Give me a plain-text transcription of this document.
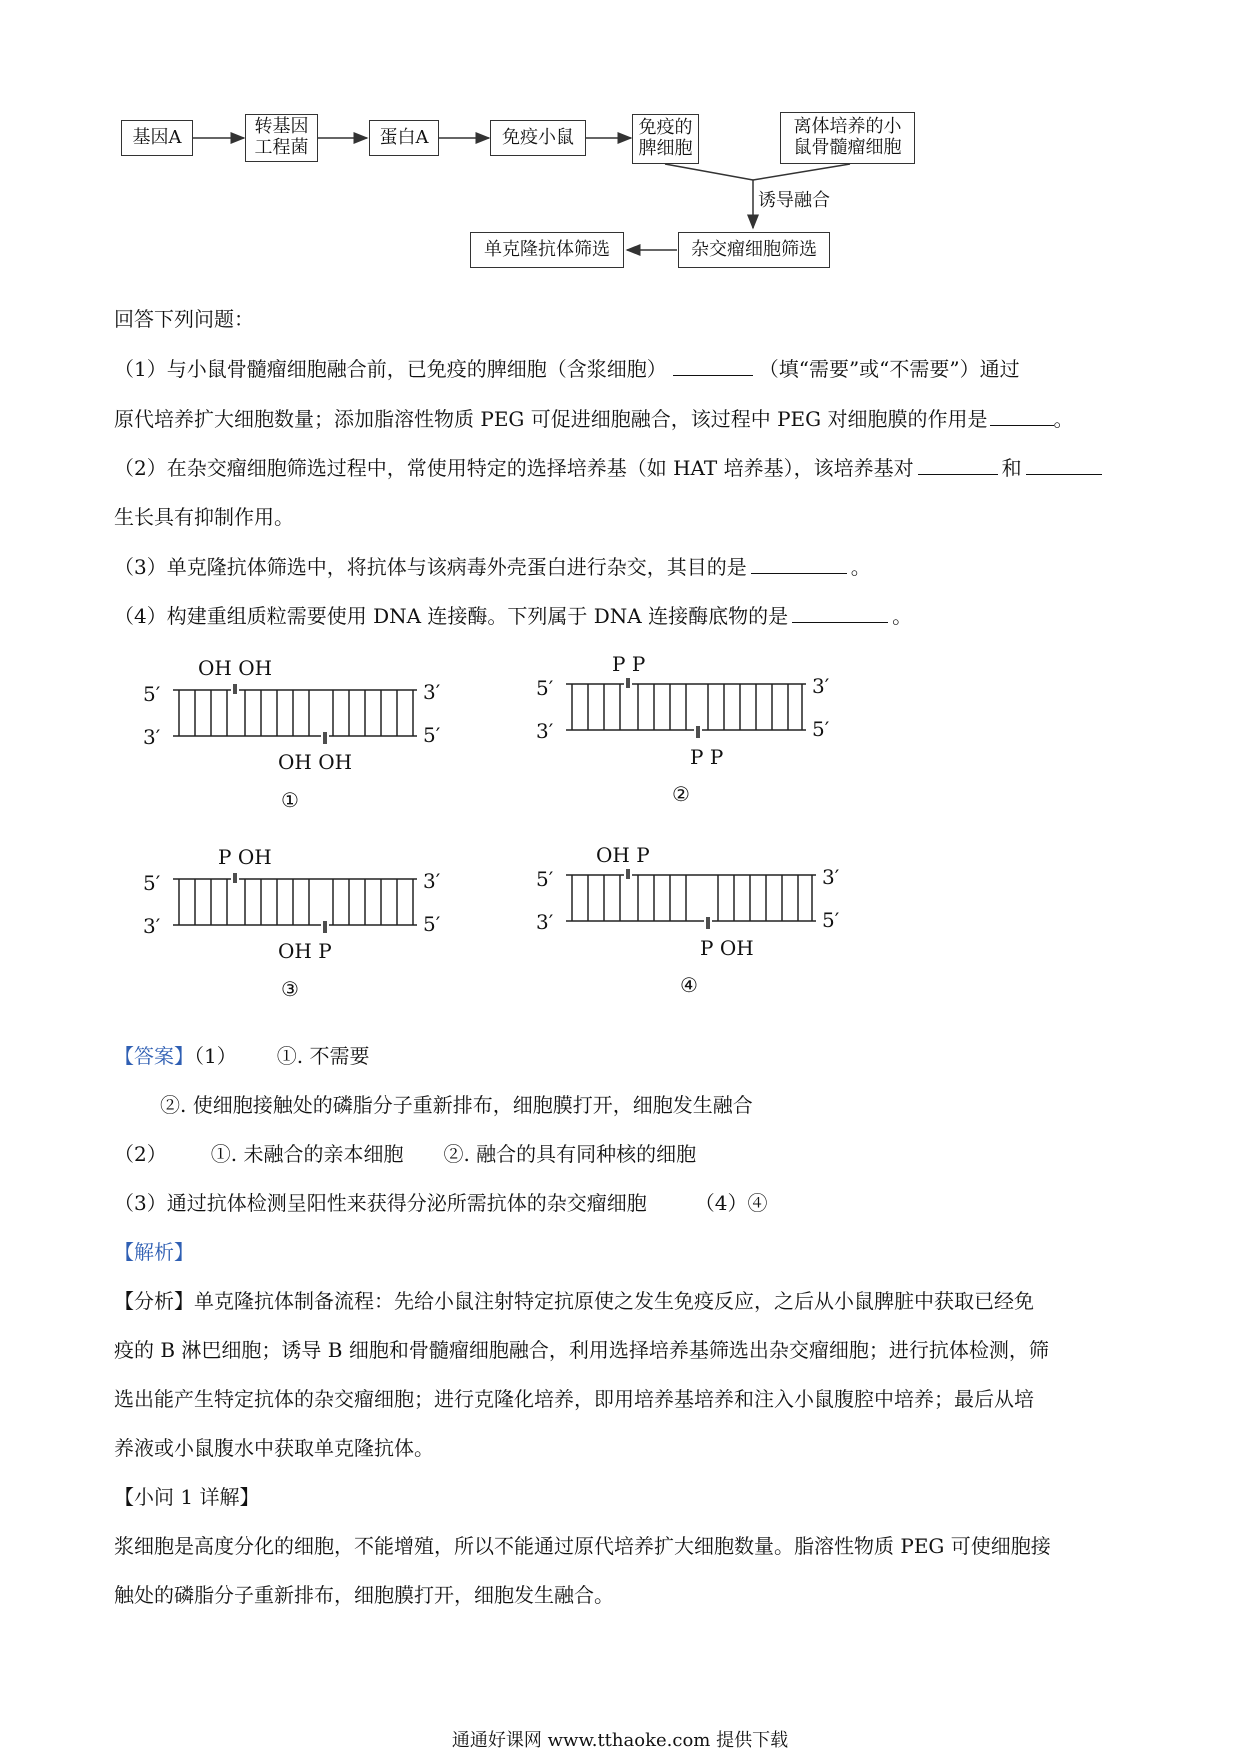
基因A	转基因
工程菌	蛋白A	免疫小鼠	免疫的
脾细胞
离体培养的小
鼠骨髓瘤细胞
诱导融合
杂交瘤细胞筛选
单克隆抗体筛选
回答下列问题：
（1）与小鼠骨髓瘤细胞融合前，已免疫的脾细胞（含浆细胞）	（填“需要”或“不需要”）通过
原代培养扩大细胞数量；添加脂溶性物质 PEG 可促进细胞融合，该过程中 PEG 对细胞膜的作用是	。
（2）在杂交瘤细胞筛选过程中，常使用特定的选择培养基（如 HAT 培养基），该培养基对	和
生长具有抑制作用。
（3）单克隆抗体筛选中，将抗体与该病毒外壳蛋白进行杂交，其目的是	。
（4）构建重组质粒需要使用 DNA 连接酶。下列属于 DNA 连接酶底物的是	。
OH OH
5′
3′
3′
5′
OH OH
①
P P
5′
3′
3′
5′
P P
②
P OH
5′
3′
3′
5′
OH P
③
OH P
5′
3′
3′
5′
P OH
④
【答案】（1） ①. 不需要
②. 使细胞接触处的磷脂分子重新排布，细胞膜打开，细胞发生融合
（2） ①. 未融合的亲本细胞 ②. 融合的具有同种核的细胞
（3）通过抗体检测呈阳性来获得分泌所需抗体的杂交瘤细胞 （4）④
【解析】
【分析】单克隆抗体制备流程：先给小鼠注射特定抗原使之发生免疫反应，之后从小鼠脾脏中获取已经免
疫的 B 淋巴细胞；诱导 B 细胞和骨髓瘤细胞融合，利用选择培养基筛选出杂交瘤细胞；进行抗体检测，筛
选出能产生特定抗体的杂交瘤细胞；进行克隆化培养，即用培养基培养和注入小鼠腹腔中培养；最后从培
养液或小鼠腹水中获取单克隆抗体。
【小问 1 详解】
浆细胞是高度分化的细胞，不能增殖，所以不能通过原代培养扩大细胞数量。脂溶性物质 PEG 可使细胞接
触处的磷脂分子重新排布，细胞膜打开，细胞发生融合。
通通好课网 www.tthaoke.com 提供下载
